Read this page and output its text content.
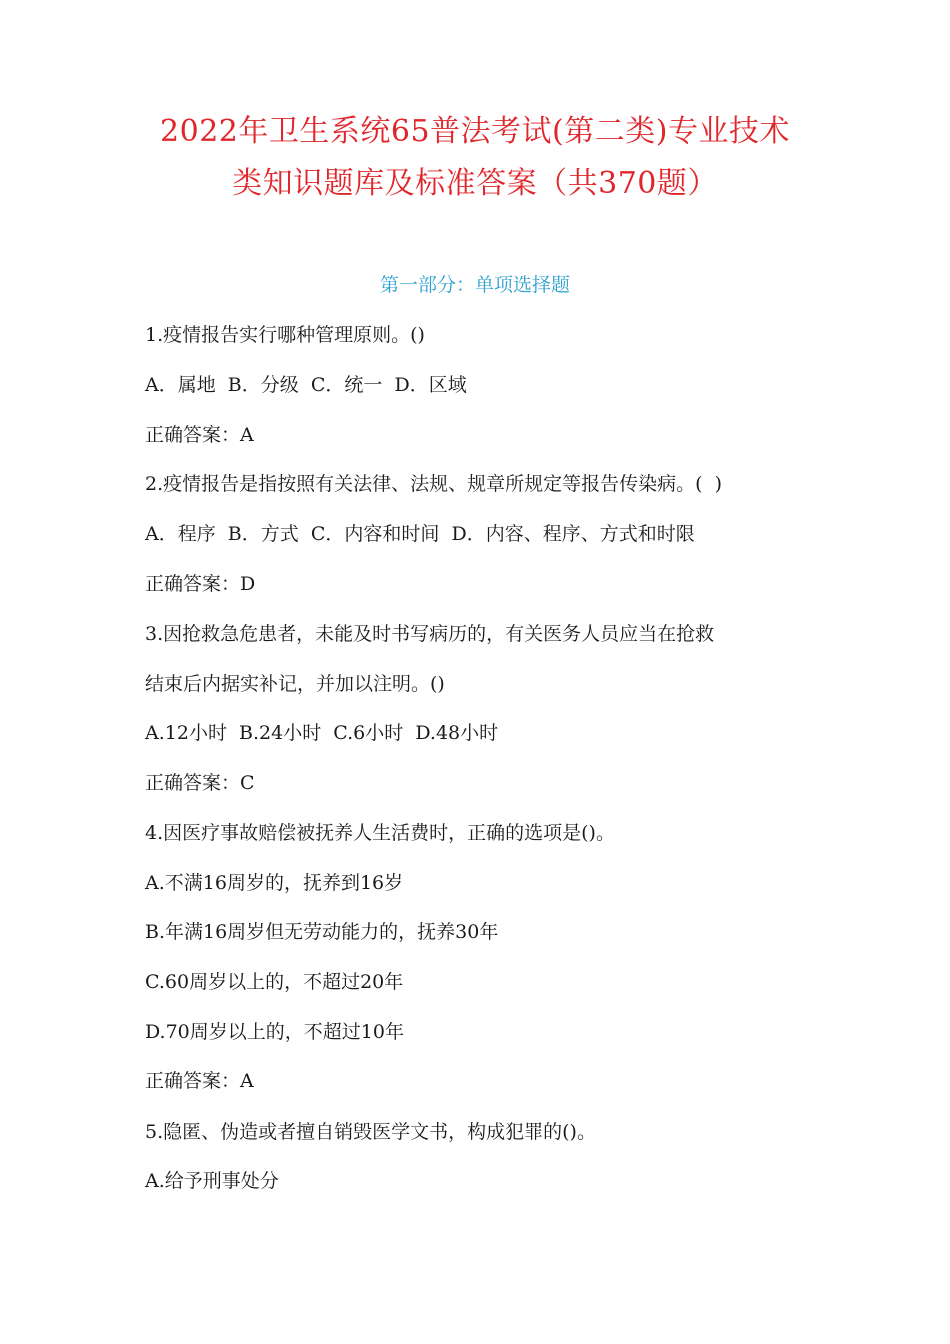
2022年卫生系统65普法考试(第二类)专业技术
类知识题库及标准答案（共370题）
第一部分：单项选择题
1.疫情报告实行哪种管理原则。()
A．属地  B．分级  C．统一  D．区域
正确答案：A
2.疫情报告是指按照有关法律、法规、规章所规定等报告传染病。(  )
A．程序  B．方式  C．内容和时间  D．内容、程序、方式和时限
正确答案：D
3.因抢救急危患者，未能及时书写病历的，有关医务人员应当在抢救
结束后内据实补记，并加以注明。()
A.12小时  B.24小时  C.6小时  D.48小时
正确答案：C
4.因医疗事故赔偿被抚养人生活费时，正确的选项是()。
A.不满16周岁的，抚养到16岁
B.年满16周岁但无劳动能力的，抚养30年
C.60周岁以上的，不超过20年
D.70周岁以上的，不超过10年
正确答案：A
5.隐匿、伪造或者擅自销毁医学文书，构成犯罪的()。
A.给予刑事处分
